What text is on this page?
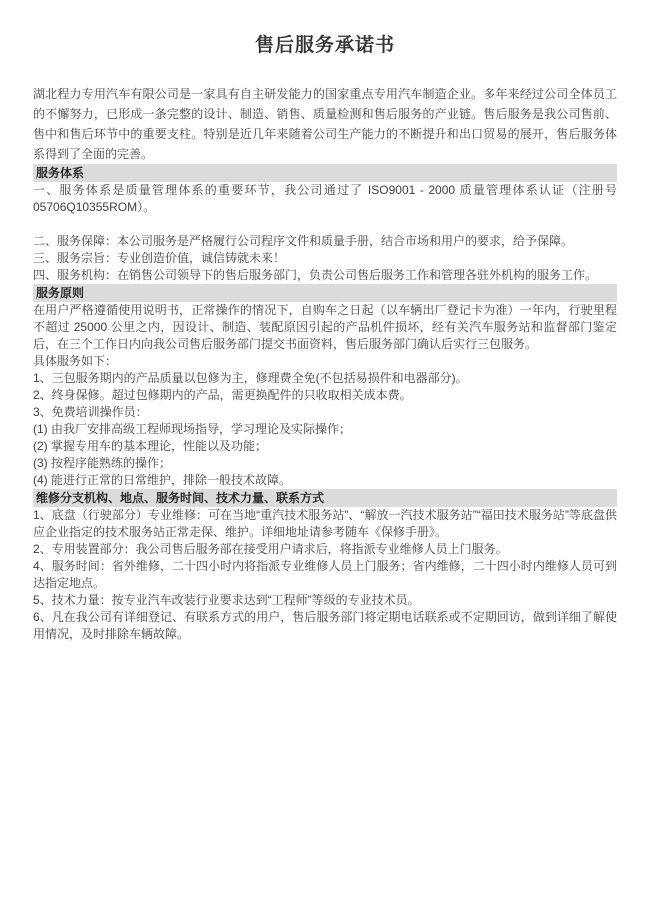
售后服务承诺书

湖北程力专用汽车有限公司是一家具有自主研发能力的国家重点专用汽车制造企业。多年来经过公司全体员工的不懈努力，已形成一条完整的设计、制造、销售、质量检测和售后服务的产业链。售后服务是我公司售前、售中和售后环节中的重要支柱。特别是近几年来随着公司生产能力的不断提升和出口贸易的展开，售后服务体系得到了全面的完善。

服务体系

一、服务体系是质量管理体系的重要环节，我公司通过了 ISO9001 - 2000 质量管理体系认证（注册号 05706Q10355ROM）。

二、服务保障：本公司服务是严格履行公司程序文件和质量手册，结合市场和用户的要求，给予保障。

三、服务宗旨：专业创造价值，诚信铸就未来！

四、服务机构：在销售公司领导下的售后服务部门，负责公司售后服务工作和管理各驻外机构的服务工作。

服务原则

在用户严格遵循使用说明书，正常操作的情况下，自购车之日起（以车辆出厂登记卡为准）一年内，行驶里程不超过 25000 公里之内，因设计、制造、装配原因引起的产品机件损坏，经有关汽车服务站和监督部门鉴定后，在三个工作日内向我公司售后服务部门提交书面资料，售后服务部门确认后实行三包服务。

具体服务如下：

1、三包服务期内的产品质量以包修为主，修理费全免(不包括易损件和电器部分)。

2、终身保修。超过包修期内的产品，需更换配件的只收取相关成本费。

3、免费培训操作员：

(1) 由我厂安排高级工程师现场指导，学习理论及实际操作；

(2) 掌握专用车的基本理论，性能以及功能；

(3) 按程序能熟练的操作；

(4) 能进行正常的日常维护，排除一般技术故障。

维修分支机构、地点、服务时间、技术力量、联系方式

1、底盘（行驶部分）专业维修：可在当地“重汽技术服务站”、“解放一汽技术服务站”“福田技术服务站”等底盘供应企业指定的技术服务站正常走保、维护。详细地址请参考随车《保修手册》。

2、专用装置部分：我公司售后服务部在接受用户请求后，将指派专业维修人员上门服务。

4、服务时间：省外维修，二十四小时内将指派专业维修人员上门服务；省内维修，二十四小时内维修人员可到达指定地点。

5、技术力量：按专业汽车改装行业要求达到“工程师”等级的专业技术员。

6、凡在我公司有详细登记、有联系方式的用户，售后服务部门将定期电话联系或不定期回访，做到详细了解使用情况，及时排除车辆故障。
